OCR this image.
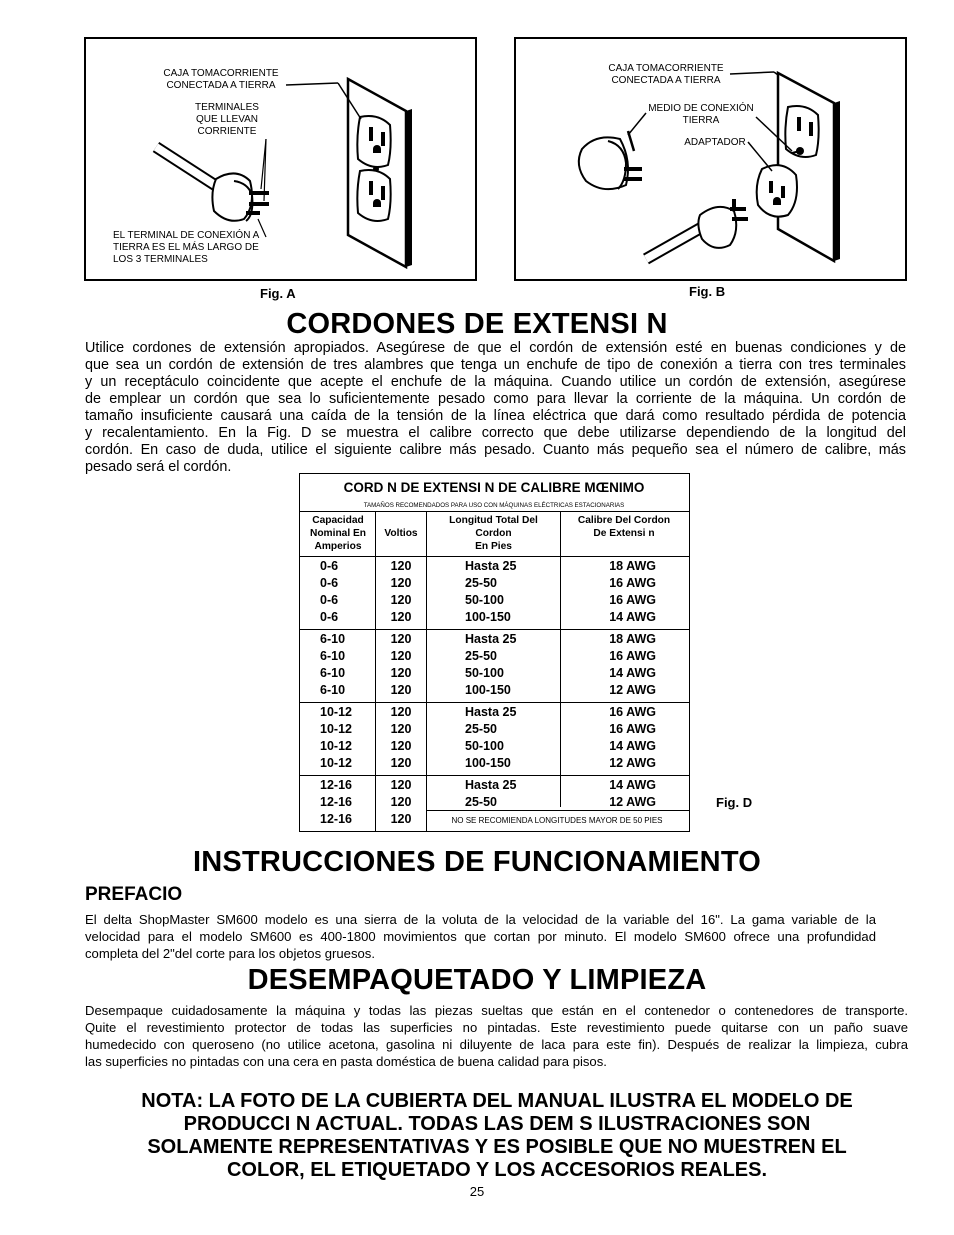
CAJA TOMACORRIENTE
CONECTADA A TIERRA
TERMINALES
QUE LLEVAN
CORRIENTE
EL TERMINAL DE CONEXIÓN A
TIERRA ES EL MÁS LARGO DE
LOS 3 TERMINALES
Fig. A
CAJA TOMACORRIENTE
CONECTADA A TIERRA
MEDIO DE CONEXIÓN
TIERRA
ADAPTADOR
Fig. B
CORDONES DE EXTENSI N
Utilice cordones de extensión apropiados. Asegúrese de que el cordón de extensión esté en buenas condiciones y de
que sea un cordón de extensión de tres alambres que tenga un enchufe de tipo de conexión a tierra con tres terminales
y un receptáculo coincidente que acepte el enchufe de la máquina. Cuando utilice un cordón de extensión, asegúrese
de emplear un cordón que sea lo suficientemente pesado como para llevar la corriente de la máquina. Un cordón de
tamaño insuficiente causará una caída de la tensión de la línea eléctrica que dará como resultado pérdida de potencia
y recalentamiento. En la Fig. D se muestra el calibre correcto que debe utilizarse dependiendo de la longitud del
cordón. En caso de duda, utilice el siguiente calibre más pesado. Cuanto más pequeño sea el número de calibre, más
pesado será el cordón.
CORD N DE EXTENSI N DE CALIBRE MŒNIMO
TAMAÑOS RECOMENDADOS PARA USO CON MÁQUINAS ELÉCTRICAS ESTACIONARIAS
Capacidad
Nominal En
Amperios
Voltios
Longitud Total Del
Cordon
En Pies
Calibre Del Cordon
De Extensi n
0-6
0-6
0-6
0-6
120
120
120
120
Hasta 25
25-50
50-100
100-150
18 AWG
16 AWG
16 AWG
14 AWG
6-10
6-10
6-10
6-10
120
120
120
120
Hasta 25
25-50
50-100
100-150
18 AWG
16 AWG
14 AWG
12 AWG
10-12
10-12
10-12
10-12
120
120
120
120
Hasta 25
25-50
50-100
100-150
16 AWG
16 AWG
14 AWG
12 AWG
12-16
12-16
12-16
120
120
120
Hasta 25
25-50
14 AWG
12 AWG
NO SE RECOMIENDA LONGITUDES MAYOR DE 50 PIES
Fig. D
INSTRUCCIONES DE FUNCIONAMIENTO
PREFACIO
El delta ShopMaster SM600 modelo es una sierra de la voluta de la velocidad de la variable del 16". La gama variable de la
velocidad para el modelo SM600 es 400-1800 movimientos que cortan por minuto. El modelo SM600 ofrece una profundidad
completa del 2"del corte para los objetos gruesos.
DESEMPAQUETADO Y LIMPIEZA
Desempaque cuidadosamente la máquina y todas las piezas sueltas que están en el contenedor o contenedores de transporte.
Quite el revestimiento protector de todas las superficies no pintadas. Este revestimiento puede quitarse con un paño suave
humedecido con queroseno (no utilice acetona, gasolina ni diluyente de laca para este fin). Después de realizar la limpieza, cubra
las superficies no pintadas con una cera en pasta doméstica de buena calidad para pisos.
NOTA: LA FOTO DE LA CUBIERTA DEL MANUAL ILUSTRA EL MODELO DE
PRODUCCI N ACTUAL. TODAS LAS DEM S ILUSTRACIONES SON
SOLAMENTE REPRESENTATIVAS Y ES POSIBLE QUE NO MUESTREN EL
COLOR, EL ETIQUETADO Y LOS ACCESORIOS REALES.
25
